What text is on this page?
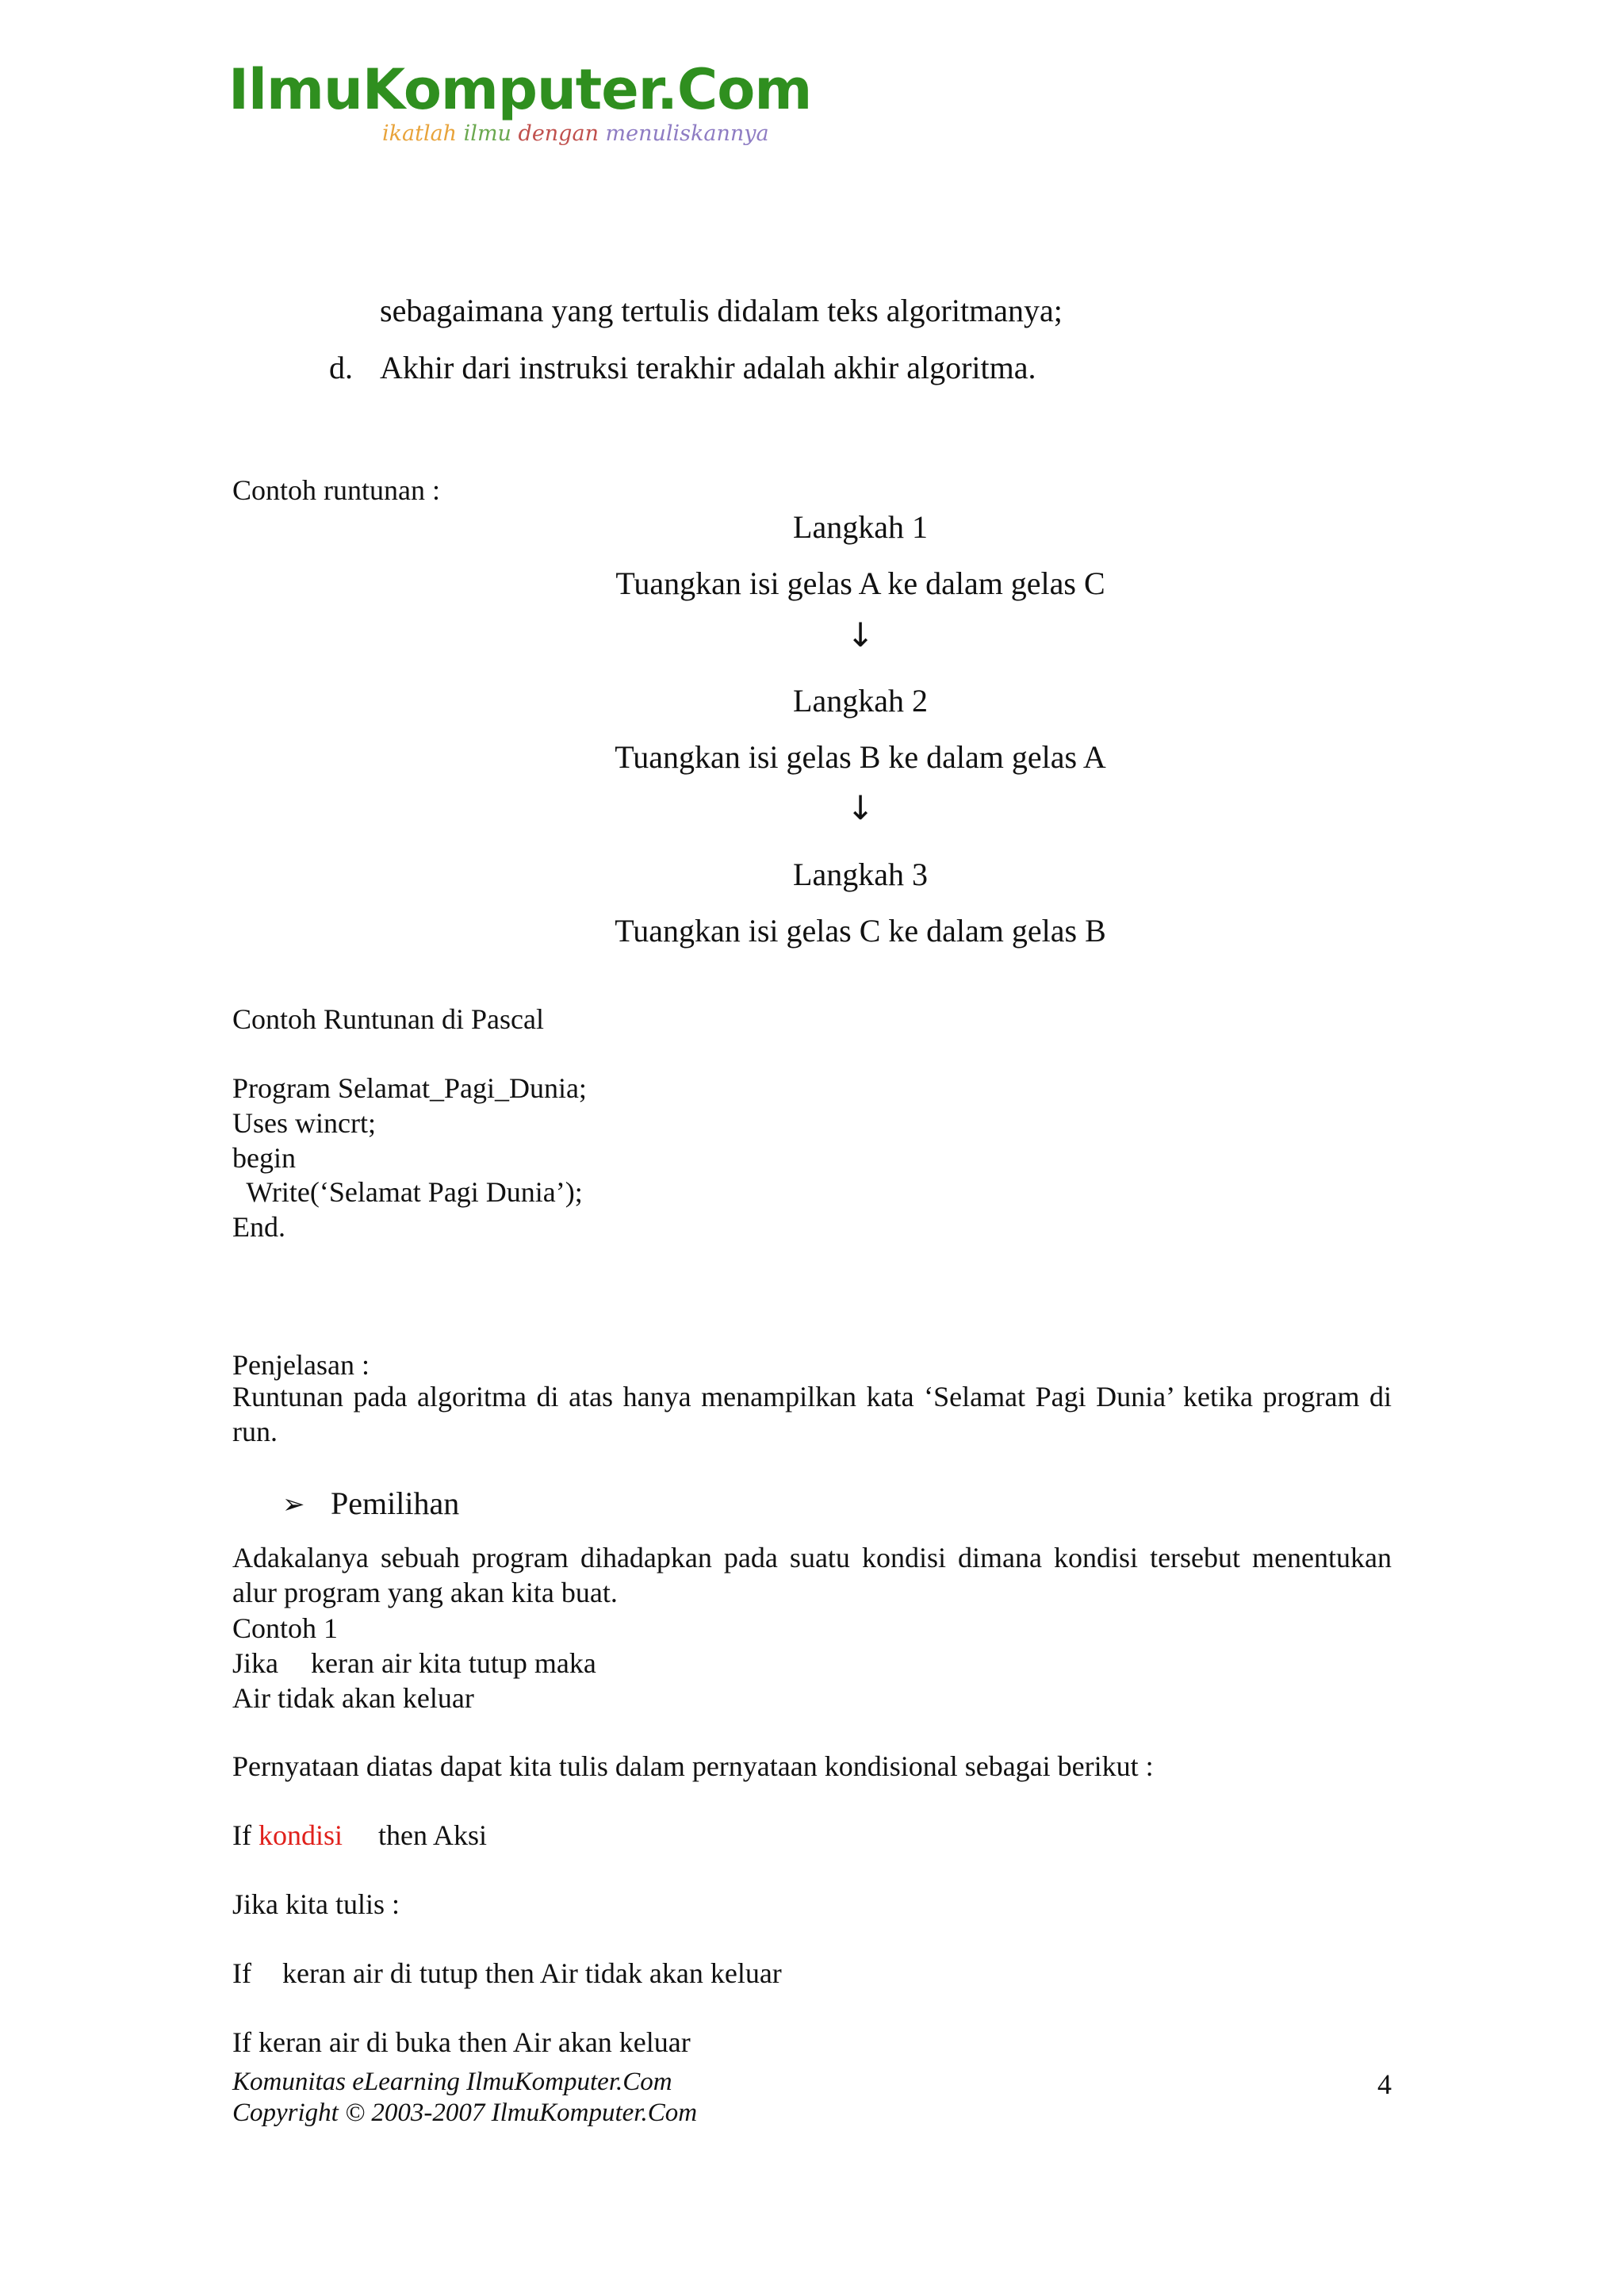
IlmuKomputer.Com
ikatlah ilmu dengan menuliskannya
sebagaimana yang tertulis didalam teks algoritmanya;
d. Akhir dari instruksi terakhir adalah akhir algoritma.
Contoh runtunan :
Langkah 1
Tuangkan isi gelas A ke dalam gelas C
↓
Langkah 2
Tuangkan isi gelas B ke dalam gelas A
↓
Langkah 3
Tuangkan isi gelas C ke dalam gelas B
Contoh Runtunan di Pascal
Program Selamat_Pagi_Dunia;
Uses wincrt;
begin
Write(‘Selamat Pagi Dunia’);
End.
Penjelasan :
Runtunan pada algoritma di atas hanya menampilkan kata ‘Selamat Pagi Dunia’ ketika program di run.
➢ Pemilihan
Adakalanya sebuah program dihadapkan pada suatu kondisi dimana kondisi tersebut menentukan alur program yang akan kita buat.
Contoh 1
Jika keran air kita tutup maka
Air tidak akan keluar
Pernyataan diatas dapat kita tulis dalam pernyataan kondisional sebagai berikut :
If kondisi then Aksi
Jika kita tulis :
If keran air di tutup then Air tidak akan keluar
If keran air di buka then Air akan keluar
Komunitas eLearning IlmuKomputer.Com
Copyright © 2003-2007 IlmuKomputer.Com
4
